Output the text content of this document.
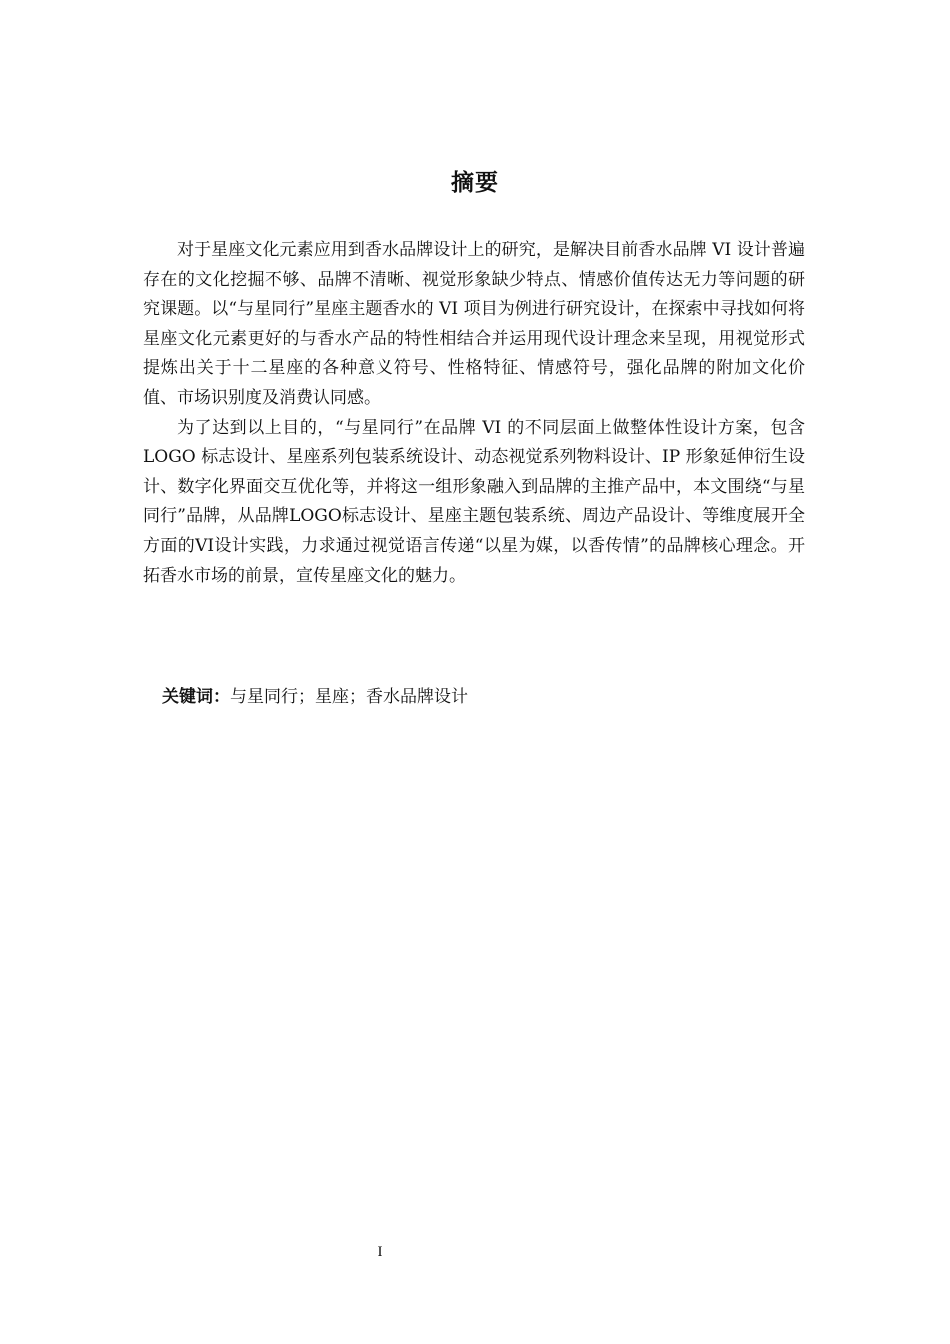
摘要

对于星座文化元素应用到香水品牌设计上的研究，是解决目前香水品牌 VI 设计普遍存在的文化挖掘不够、品牌不清晰、视觉形象缺少特点、情感价值传达无力等问题的研究课题。以“与星同行”星座主题香水的 VI 项目为例进行研究设计，在探索中寻找如何将星座文化元素更好的与香水产品的特性相结合并运用现代设计理念来呈现，用视觉形式提炼出关于十二星座的各种意义符号、性格特征、情感符号，强化品牌的附加文化价值、市场识别度及消费认同感。

为了达到以上目的，“与星同行”在品牌 VI 的不同层面上做整体性设计方案，包含 LOGO 标志设计、星座系列包装系统设计、动态视觉系列物料设计、IP 形象延伸衍生设计、数字化界面交互优化等，并将这一组形象融入到品牌的主推产品中，本文围绕“与星同行”品牌，从品牌LOGO标志设计、星座主题包装系统、周边产品设计、等维度展开全方面的VI设计实践，力求通过视觉语言传递“以星为媒，以香传情”的品牌核心理念。开拓香水市场的前景，宣传星座文化的魅力。

关键词：与星同行；星座；香水品牌设计
I
